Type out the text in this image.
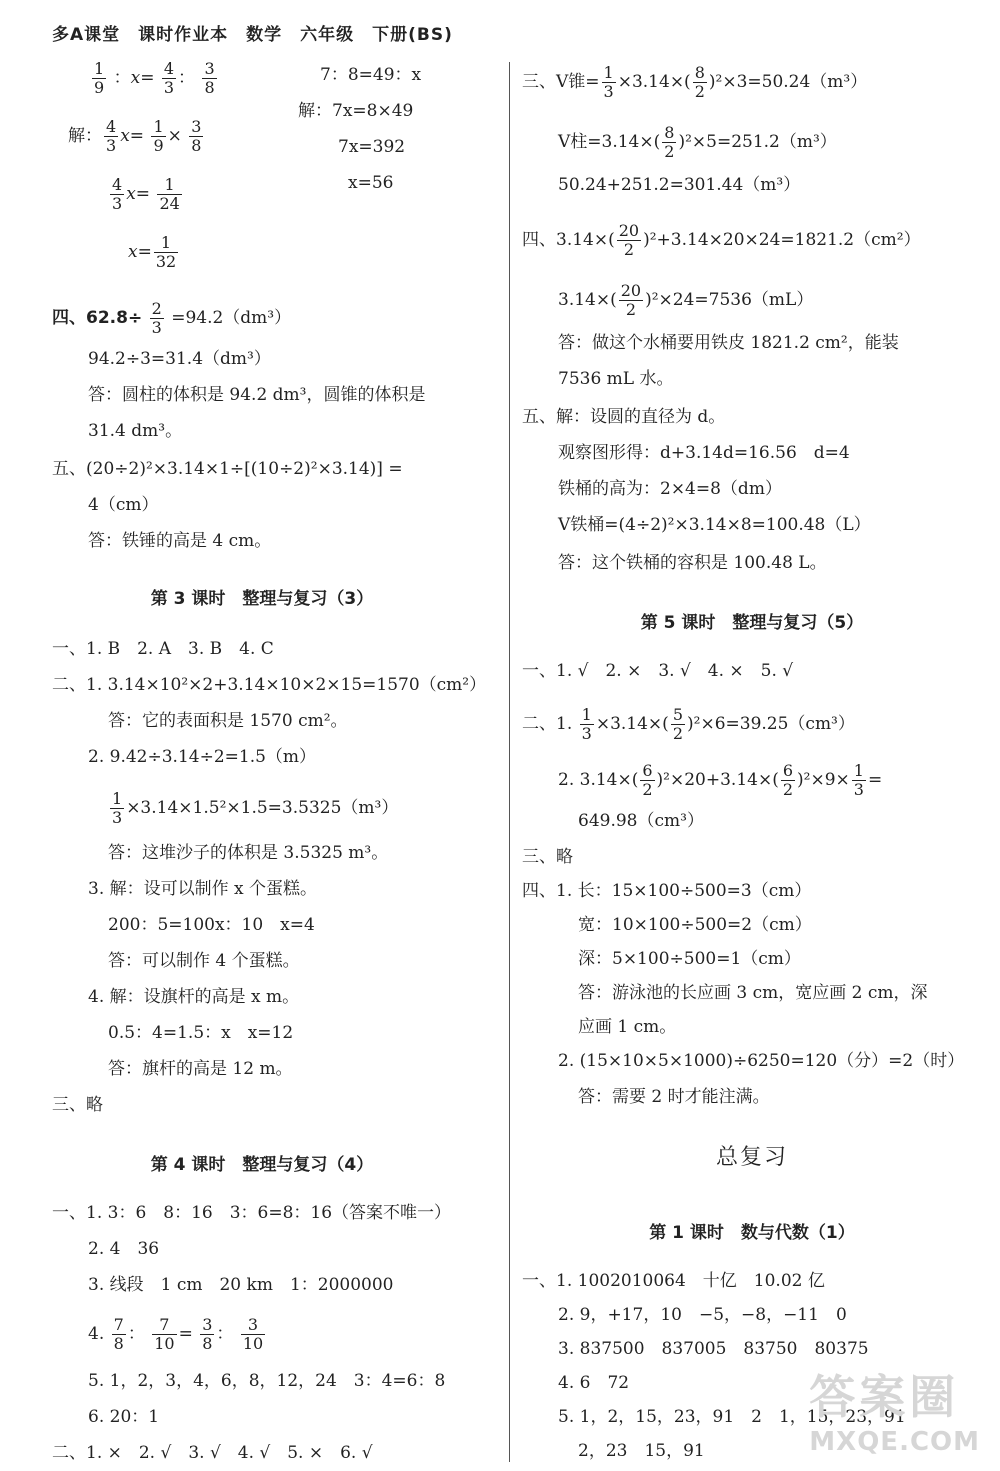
多A课堂　课时作业本　数学　六年级　下册(BS)
$\frac{1}{9}$ ：$x= \frac{4}{3}$ ： $\frac{3}{8}$
解： $\frac{4}{3} x= \frac{1}{9} \times \frac{3}{8}$
$\frac{4}{3} x= \frac{1}{24}$
$x= \frac{1}{32}$
7：8=49：x
解：7x=8×49
7x=392
x=56
四、$62.8\div \frac{2}{3} =94.2(dm^3)$
94.2÷3=31.4（dm³）
答：圆柱的体积是 94.2 dm³，圆锥的体积是
31.4 dm³。
五、(20÷2)²×3.14×1÷[(10÷2)²×3.14)] =
4（cm）
答：铁锤的高是 4 cm。
第 3 课时　整理与复习（3）
一、1. B　2. A　3. B　4. C
二、1. 3.14×10²×2+3.14×10×2×15=1570（cm²）
答：它的表面积是 1570 cm²。
2. 9.42÷3.14÷2=1.5（m）
$\frac{1}{3} \times 3.14\times 1.5^2\times 1.5=3.5325(m^3)$
答：这堆沙子的体积是 3.5325 m³。
3. 解：设可以制作 x 个蛋糕。
200：5=100x：10　x=4
答：可以制作 4 个蛋糕。
4. 解：设旗杆的高是 x m。
0.5：4=1.5：x　x=12
答：旗杆的高是 12 m。
三、略
第 4 课时　整理与复习（4）
一、1. 3：6　8：16　3：6=8：16（答案不唯一）
2. 4　36
3. 线段　1 cm　20 km　1：2000000
4. $\frac{7}{8}$ ： $\frac{7}{10} = \frac{3}{8}$ ： $\frac{3}{10}$
5. 1，2，3，4，6，8，12，24　3：4=6：8
6. 20：1
二、1. ×　2. √　3. √　4. √　5. ×　6. √
三、V锥= $\frac{1}{3} \times 3.14\times( \frac{8}{2} )^2\times 3=50.24(m^3)$
V柱$=3.14\times( \frac{8}{2} )^2\times 5=251.2(m^3)$
50.24+251.2=301.44（m³）
四、$3.14\times( \frac{20}{2} )^2+3.14\times 20\times 24=1821.2(cm^2)$
$3.14\times( \frac{20}{2} )^2\times 24=7536(mL)$
答：做这个水桶要用铁皮 1821.2 cm²，能装
7536 mL 水。
五、解：设圆的直径为 d。
观察图形得：d+3.14d=16.56　d=4
铁桶的高为：2×4=8（dm）
V铁桶=(4÷2)²×3.14×8=100.48（L）
答：这个铁桶的容积是 100.48 L。
第 5 课时　整理与复习（5）
一、1. √　2. ×　3. √　4. ×　5. √
二、1. $\frac{1}{3} \times 3.14\times( \frac{5}{2} )^2\times 6=39.25(cm^3)$
2. $3.14\times( \frac{6}{2} )^2\times 20+3.14\times( \frac{6}{2} )^2\times 9\times \frac{1}{3}$ =
649.98（cm³）
三、略
四、1. 长：15×100÷500=3（cm）
宽：10×100÷500=2（cm）
深：5×100÷500=1（cm）
答：游泳池的长应画 3 cm，宽应画 2 cm，深
应画 1 cm。
2. (15×10×5×1000)÷6250=120（分）=2（时）
答：需要 2 时才能注满。
总复习
第 1 课时　数与代数（1）
一、1. 1002010064　十亿　10.02 亿
2. 9，+17，10　−5，−8，−11　0
3. 837500　837005　83750　80375
4. 6　72
5. 1，2，15，23，91　2　1，15，23，91
2，23　15，91
答案圈
MXQE.COM
